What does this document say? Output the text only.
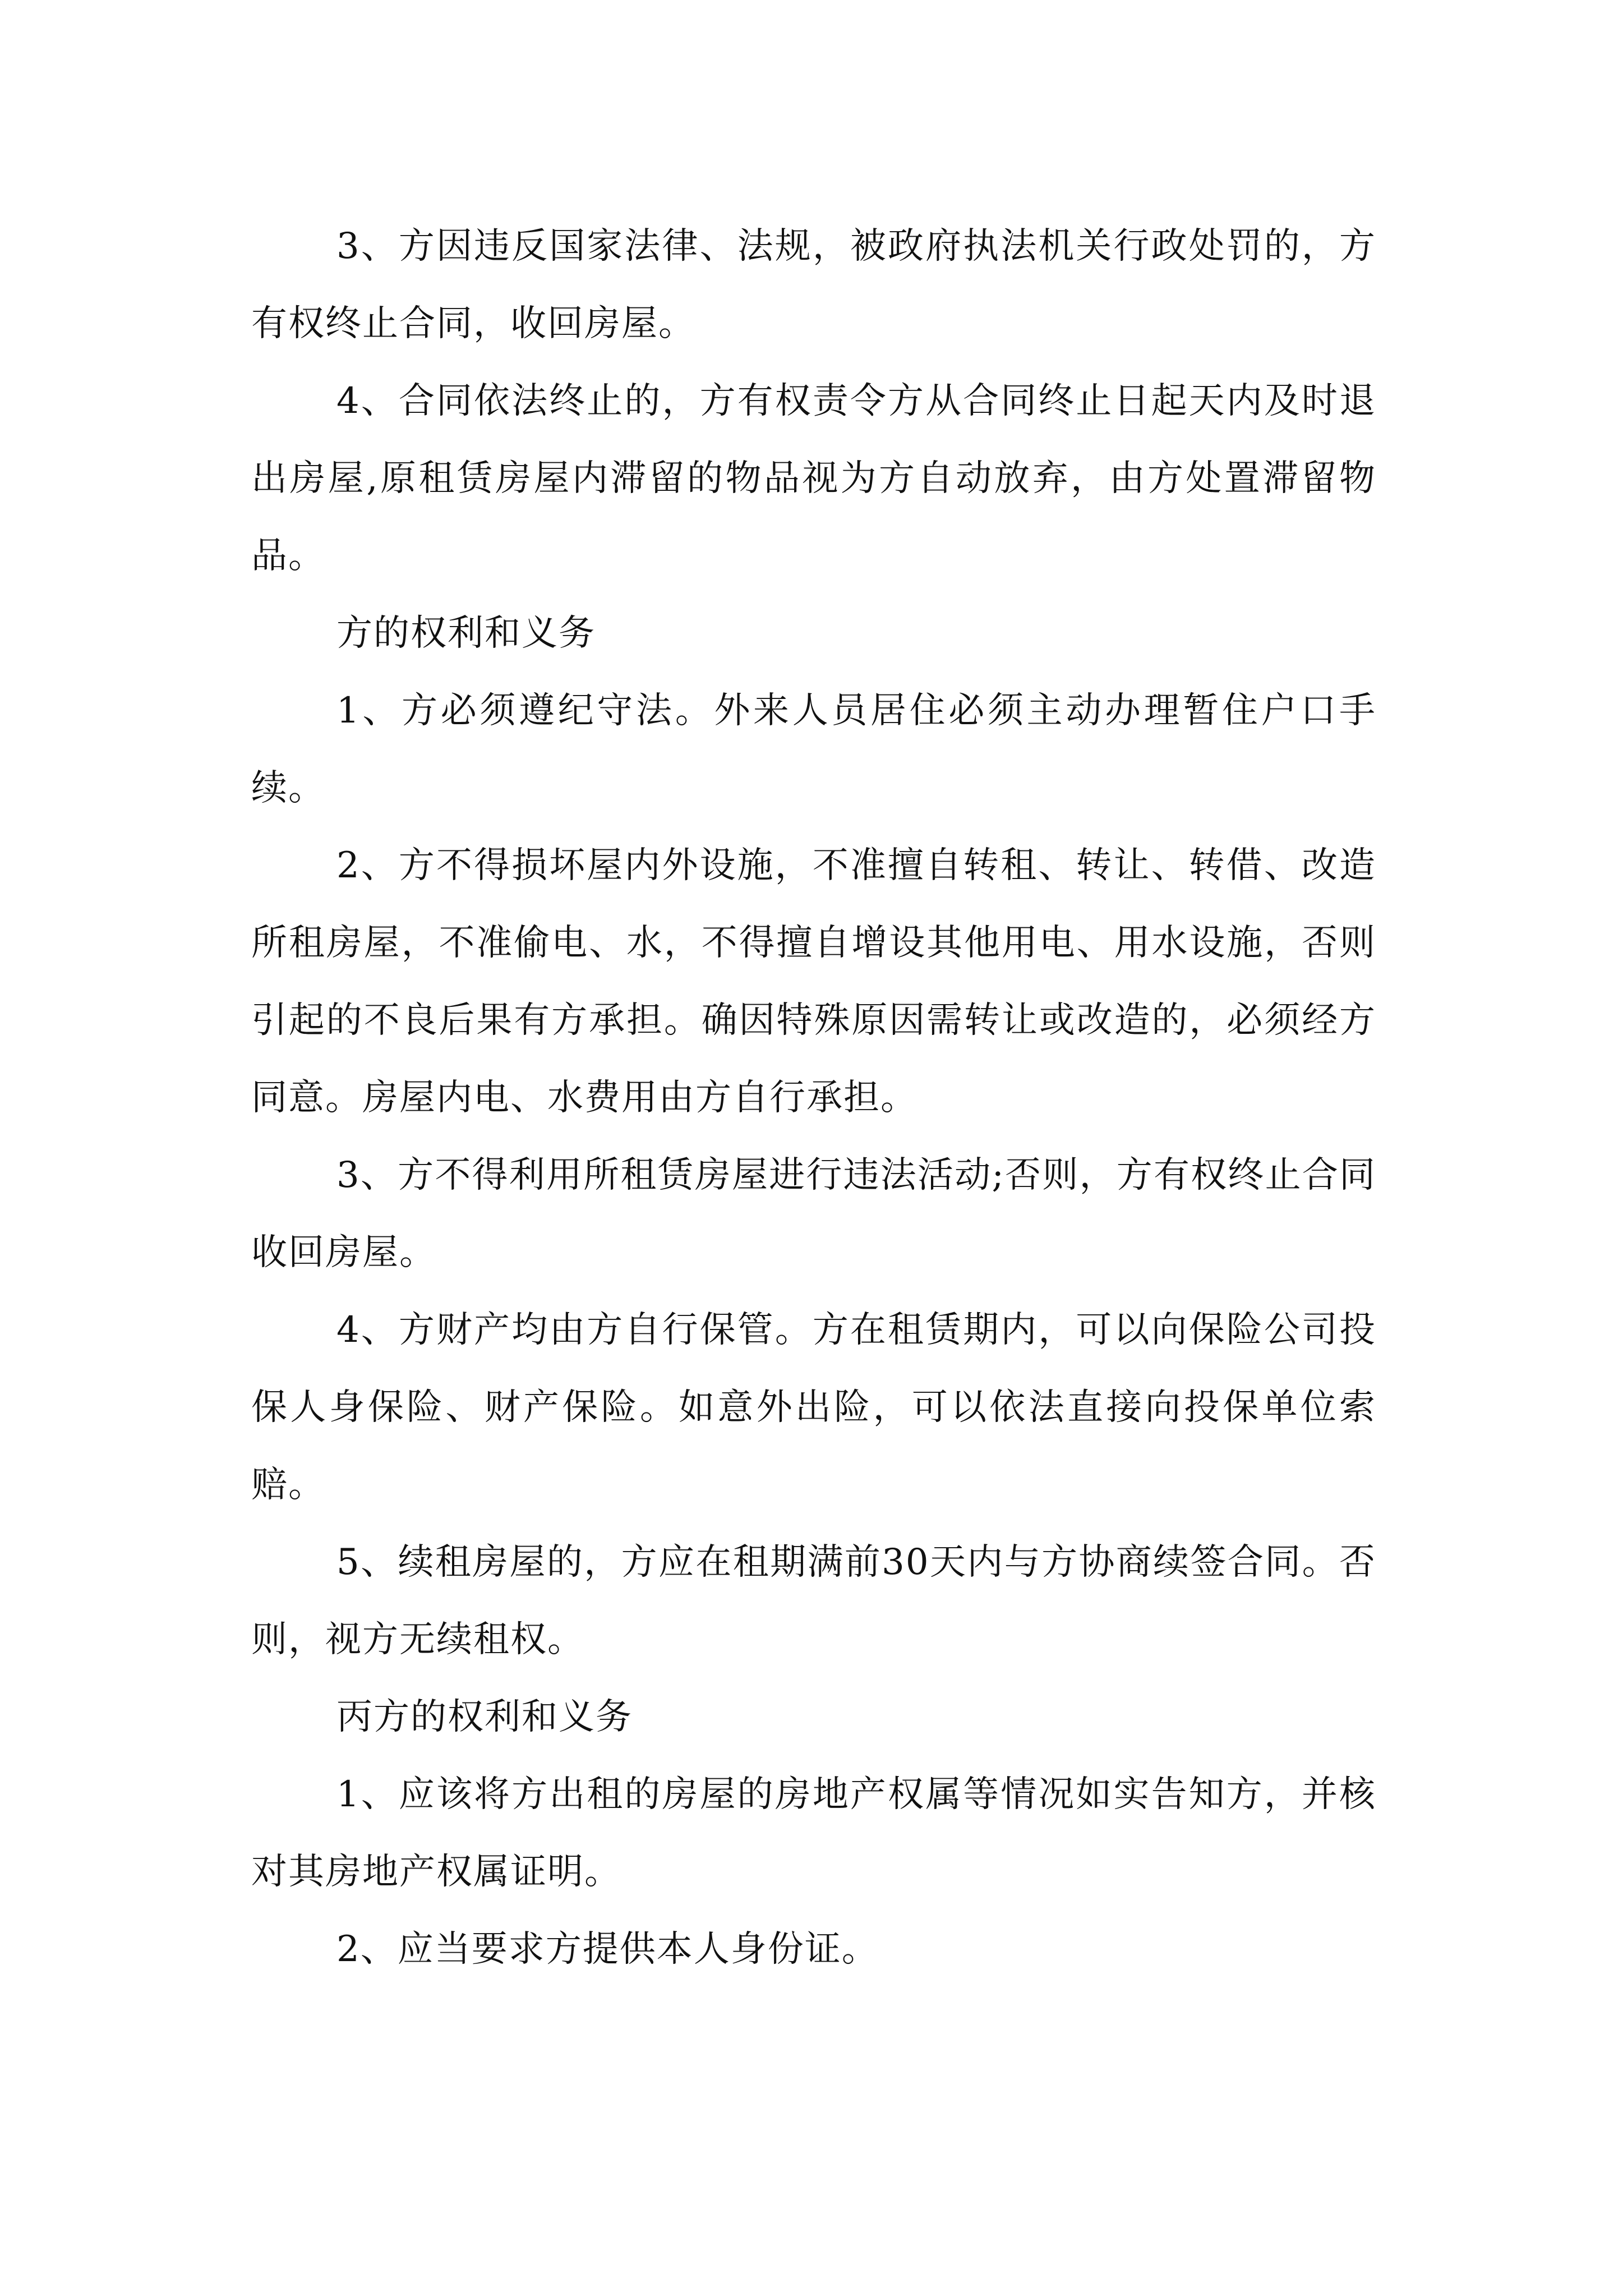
3、方因违反国家法律、法规，被政府执法机关行政处罚的，方有权终止合同，收回房屋。

4、合同依法终止的，方有权责令方从合同终止日起天内及时退出房屋,原租赁房屋内滞留的物品视为方自动放弃，由方处置滞留物品。

方的权利和义务

1、方必须遵纪守法。外来人员居住必须主动办理暂住户口手续。

2、方不得损坏屋内外设施，不准擅自转租、转让、转借、改造所租房屋，不准偷电、水，不得擅自增设其他用电、用水设施，否则引起的不良后果有方承担。确因特殊原因需转让或改造的，必须经方同意。房屋内电、水费用由方自行承担。

3、方不得利用所租赁房屋进行违法活动;否则，方有权终止合同收回房屋。

4、方财产均由方自行保管。方在租赁期内，可以向保险公司投保人身保险、财产保险。如意外出险，可以依法直接向投保单位索赔。

5、续租房屋的，方应在租期满前30天内与方协商续签合同。否则，视方无续租权。

丙方的权利和义务

1、应该将方出租的房屋的房地产权属等情况如实告知方，并核对其房地产权属证明。

2、应当要求方提供本人身份证。
